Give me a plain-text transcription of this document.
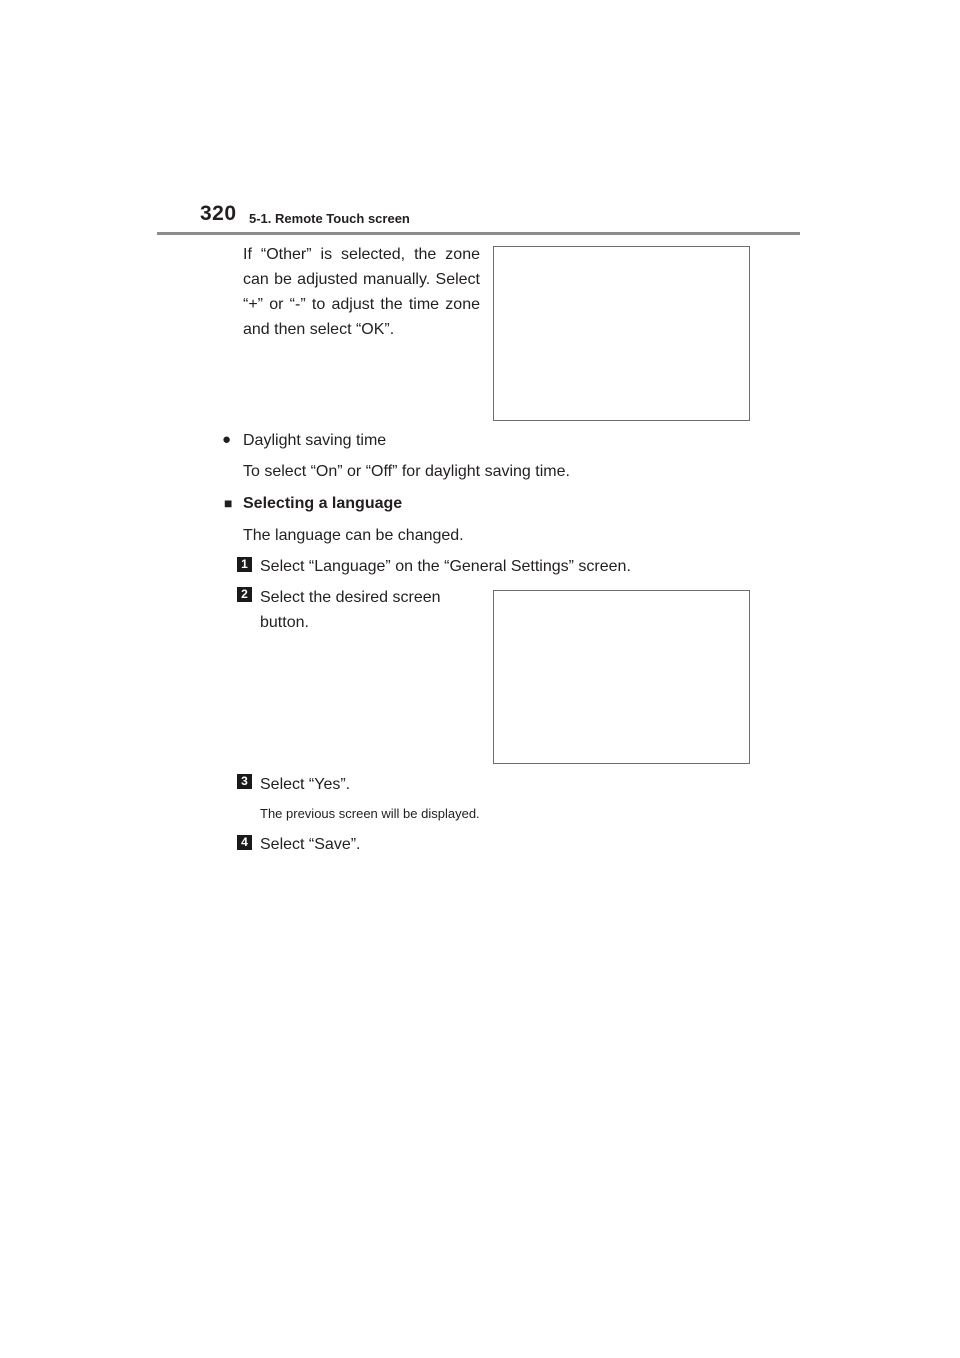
320 5-1. Remote Touch screen
If “Other” is selected, the zone can be adjusted manually. Select “+” or “-” to adjust the time zone and then select “OK”.
● Daylight saving time
To select “On” or “Off” for daylight saving time.
■ Selecting a language
The language can be changed.
1 Select “Language” on the “General Settings” screen.
2 Select the desired screen button.
3 Select “Yes”.
The previous screen will be displayed.
4 Select “Save”.
